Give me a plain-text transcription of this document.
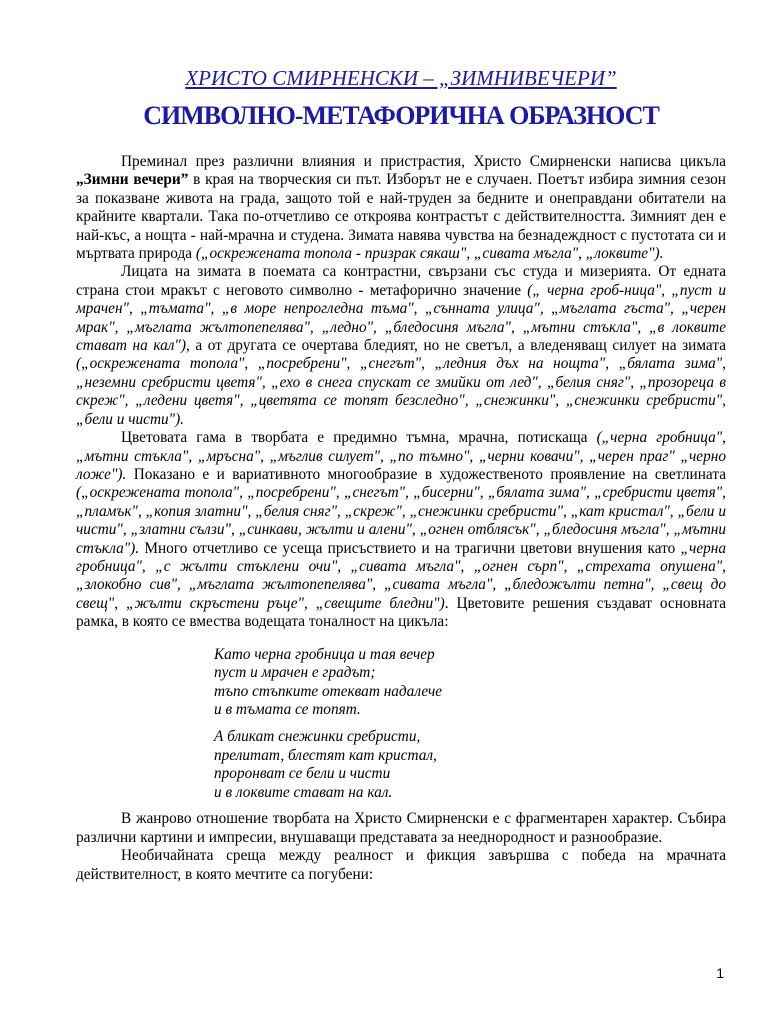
ХРИСТО СМИРНЕНСКИ – „ЗИМНИВЕЧЕРИ”
СИМВОЛНО-МЕТАФОРИЧНА ОБРАЗНОСТ

Преминал през различни влияния и пристрастия, Христо Смирненски написва цикъла „Зимни вечери” в края на творческия си път. Изборът не е случаен. Поетът избира зимния сезон за показване живота на града, защото той е най-труден за бедните и онеправдани обитатели на крайните квартали. Така по-отчетливо се откроява контрастът с действителността. Зимният ден е най-къс, а нощта - най-мрачна и студена. Зимата навява чувства на безнадеждност с пустотата си и мъртвата природа („оскрежената топола - призрак сякаш", „сивата мъгла", „локвите").

Лицата на зимата в поемата са контрастни, свързани със студа и мизерията. От едната страна стои мракът с неговото символно - метафорично значение („ черна гроб-ница", „пуст и мрачен", „тъмата", „в море непрогледна тъма", „сънната улица", „мъглата гъста", „черен мрак", „мъглата жълтопепелява", „ледно", „бледосиня мъгла", „мътни стъкла", „в локвите стават на кал"), а от другата се очертава бледият, но не светъл, а вледеняващ силует на зимата („оскрежената топола", „посребрени", „снегът", „ледния дъх на нощта", „бялата зима", „неземни сребристи цветя", „ехо в снега спускат се змийки от лед", „белия сняг", „прозореца в скреж", „ледени цветя", „цветята се топят безследно", „снежинки", „снежинки сребристи", „бели и чисти").

Цветовата гама в творбата е предимно тъмна, мрачна, потискаща („черна гробница", „мътни стъкла", „мръсна", „мъглив силует", „по тъмно", „черни ковачи", „черен праг" „черно ложе"). Показано е и вариативното многообразие в художественото проявление на светлината („оскрежената топола", „посребрени", „снегът", „бисерни", „бялата зима", „сребристи цветя", „пламък", „копия златни", „белия сняг", „скреж", „снежинки сребристи", „кат кристал", „бели и чисти", „златни сълзи", „синкави, жълти и алени", „огнен отблясък", „бледосиня мъгла", „мътни стъкла"). Много отчетливо се усеща присъствието и на трагични цветови внушения като „черна гробница", „с жълти стъклени очи", „сивата мъгла", „огнен сърп", „стрехата опушена", „злокобно сив", „мъглата жълтопепелява", „сивата мъгла", „бледожълти петна", „свещ до свещ", „жълти скръстени ръце", „свещите бледни"). Цветовите решения създават основната рамка, в която се вмества водещата тоналност на цикъла:

Като черна гробница и тая вечер
пуст и мрачен е градът;
тъпо стъпките отекват надалече
и в тъмата се топят.
А бликат снежинки сребристи,
прелитат, блестят кат кристал,
проронват се бели и чисти
и в локвите стават на кал.

В жанрово отношение творбата на Христо Смирненски е с фрагментарен характер. Събира различни картини и импресии, внушаващи представата за нееднородност и разнообразие.

Необичайната среща между реалност и фикция завършва с победа на мрачната действителност, в която мечтите са погубени:

1
